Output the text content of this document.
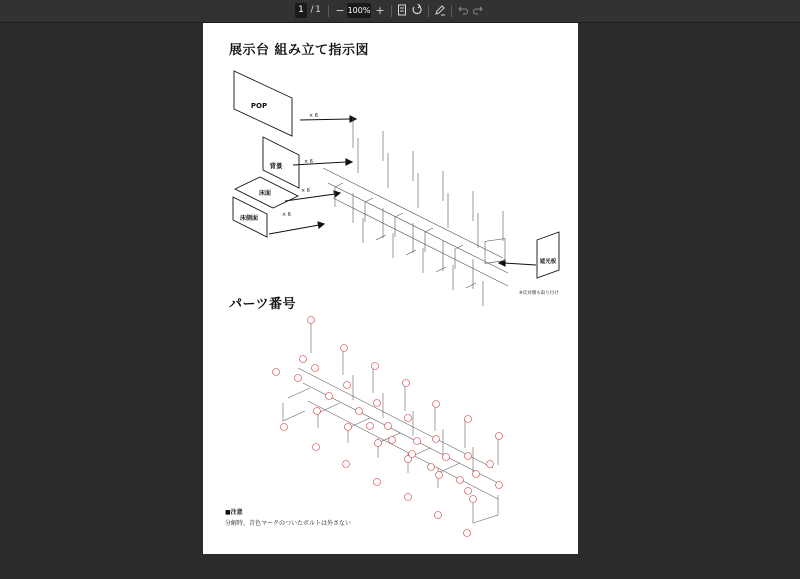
1 / 1 − 100% +
展示台 組み立て指示図
POP
背景
床面
床側面
遮光板
× 6
× 6
× 6
× 6
※反対側も取り付け
パーツ番号
■注意
分解時、青色マークのついたボルトは外さない
